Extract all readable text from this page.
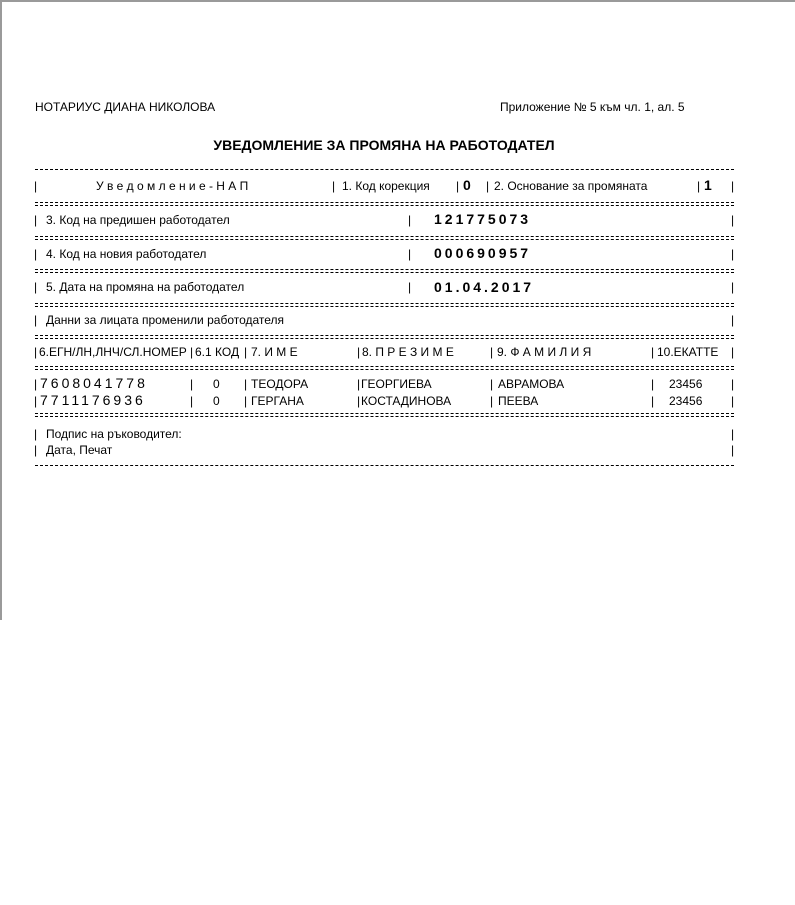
НОТАРИУС ДИАНА НИКОЛОВА	Приложение № 5 към чл. 1, ал. 5
УВЕДОМЛЕНИЕ ЗА ПРОМЯНА НА РАБОТОДАТЕЛ
|	У в е д о м л е н и е - Н А П	| 1. Код корекция | 0 | 2. Основание за промяната	| 1 |
| 3. Код на предишен работодател	| 121775073	|
| 4. Код на новия работодател	| 000690957	|
| 5. Дата на промяна на работодател	| 01.04.2017	|
| Данни за лицата променили работодателя	|
| 6.ЕГН/ЛН,ЛНЧ/СЛ.НОМЕР | 6.1 КОД | 7. И М Е	| 8. П Р Е З И М Е	| 9. Ф А М И Л И Я	| 10.ЕКАТТЕ |
| 7608041778	| 0 | ТЕОДОРА	| ГЕОРГИЕВА	| АВРАМОВА	| 23456 |
| 7711176936	| 0 | ГЕРГАНА	| КОСТАДИНОВА	| ПЕЕВА	| 23456 |
| Подпис на ръководител:	|
| Дата, Печат	|
